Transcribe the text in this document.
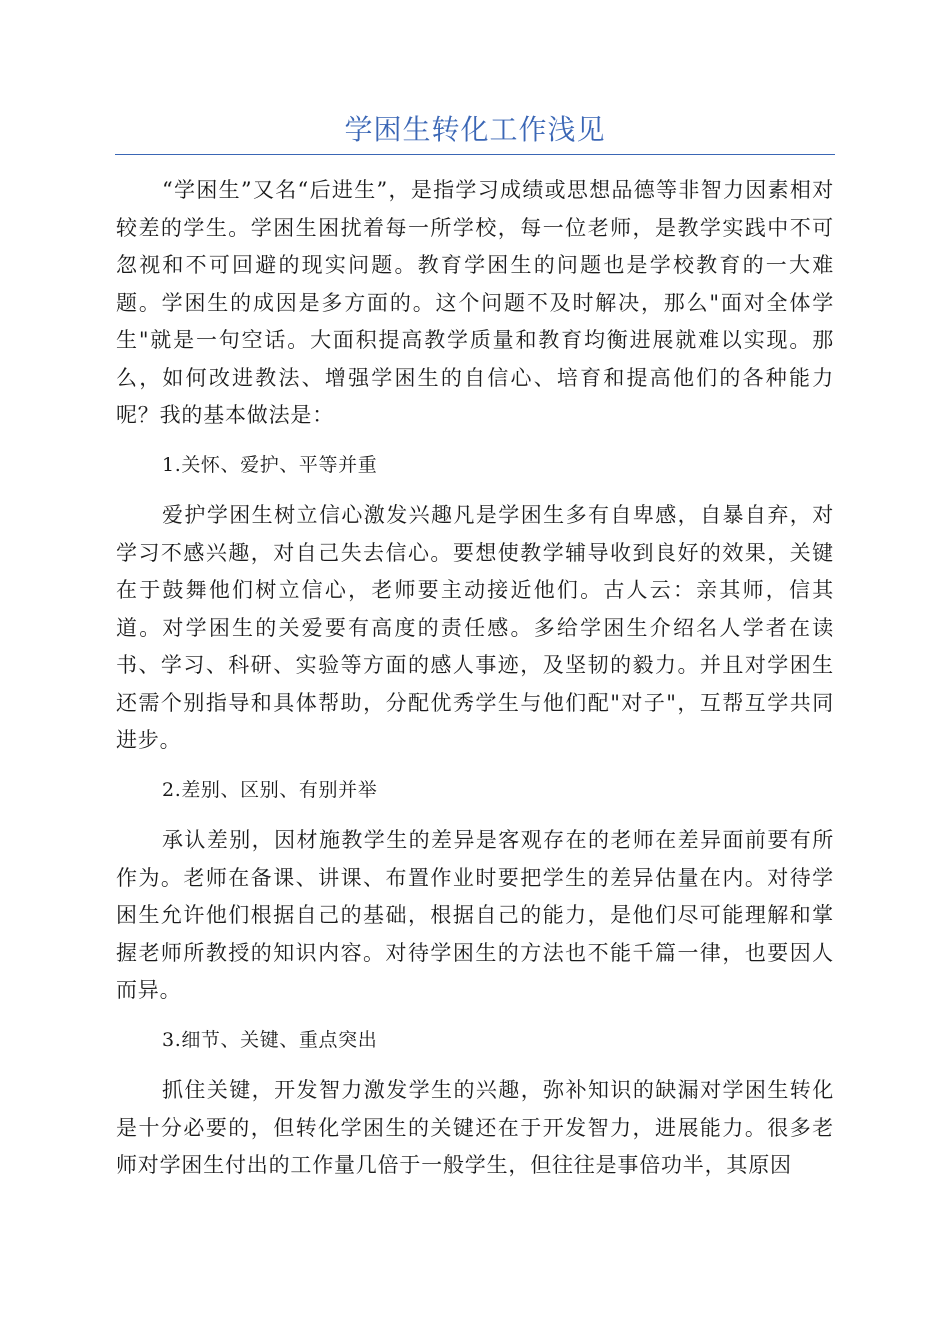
学困生转化工作浅见

“学困生”又名“后进生”，是指学习成绩或思想品德等非智力因素相对较差的学生。学困生困扰着每一所学校，每一位老师，是教学实践中不可忽视和不可回避的现实问题。教育学困生的问题也是学校教育的一大难题。学困生的成因是多方面的。这个问题不及时解决，那么"面对全体学生"就是一句空话。大面积提高教学质量和教育均衡进展就难以实现。那么，如何改进教法、增强学困生的自信心、培育和提高他们的各种能力呢？我的基本做法是：

1.关怀、爱护、平等并重

爱护学困生树立信心激发兴趣凡是学困生多有自卑感，自暴自弃，对学习不感兴趣，对自己失去信心。要想使教学辅导收到良好的效果，关键在于鼓舞他们树立信心，老师要主动接近他们。古人云：亲其师，信其道。对学困生的关爱要有高度的责任感。多给学困生介绍名人学者在读书、学习、科研、实验等方面的感人事迹，及坚韧的毅力。并且对学困生还需个别指导和具体帮助，分配优秀学生与他们配"对子"，互帮互学共同进步。

2.差别、区别、有别并举

承认差别，因材施教学生的差异是客观存在的老师在差异面前要有所作为。老师在备课、讲课、布置作业时要把学生的差异估量在内。对待学困生允许他们根据自己的基础，根据自己的能力，是他们尽可能理解和掌握老师所教授的知识内容。对待学困生的方法也不能千篇一律，也要因人而异。

3.细节、关键、重点突出

抓住关键，开发智力激发学生的兴趣，弥补知识的缺漏对学困生转化是十分必要的，但转化学困生的关键还在于开发智力，进展能力。很多老师对学困生付出的工作量几倍于一般学生，但往往是事倍功半，其原因
